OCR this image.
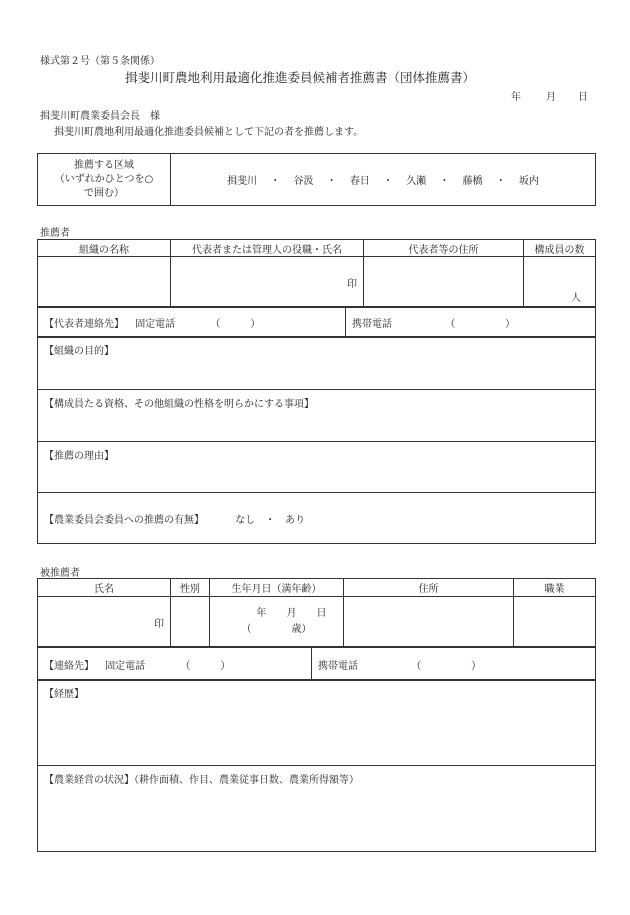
様式第２号（第５条関係）
揖斐川町農地利用最適化推進委員候補者推薦書（団体推薦書）
年	月 日
揖斐川町農業委員会長　様
揖斐川町農地利用最適化推進委員候補として下記の者を推薦します。
推薦する区域
（いずれかひとつを○
で囲む）
	揖斐川 ・ 谷汲 ・ 春日 ・ 久瀬 ・ 藤橋 ・ 坂内
推薦者
組織の名称	代表者または管理人の役職・氏名	代表者等の住所	構成員の数

	印		人
【代表者連絡先】 固定電話	（　　　）	携帯電話	（　　　　　）
【組織の目的】
【構成員たる資格、その他組織の性格を明らかにする事項】
【推薦の理由】
【農業委員会委員への推薦の有無】	なし　・　あり
被推薦者
氏名	性別	生年月日（満年齢）	住所	職業

印		年　　月　　日
（　　　　歳）		

【連絡先】 固定電話	（　　　）	携帯電話	（　　　　　）
【経歴】
【農業経営の状況】（耕作面積、作目、農業従事日数、農業所得額等）
